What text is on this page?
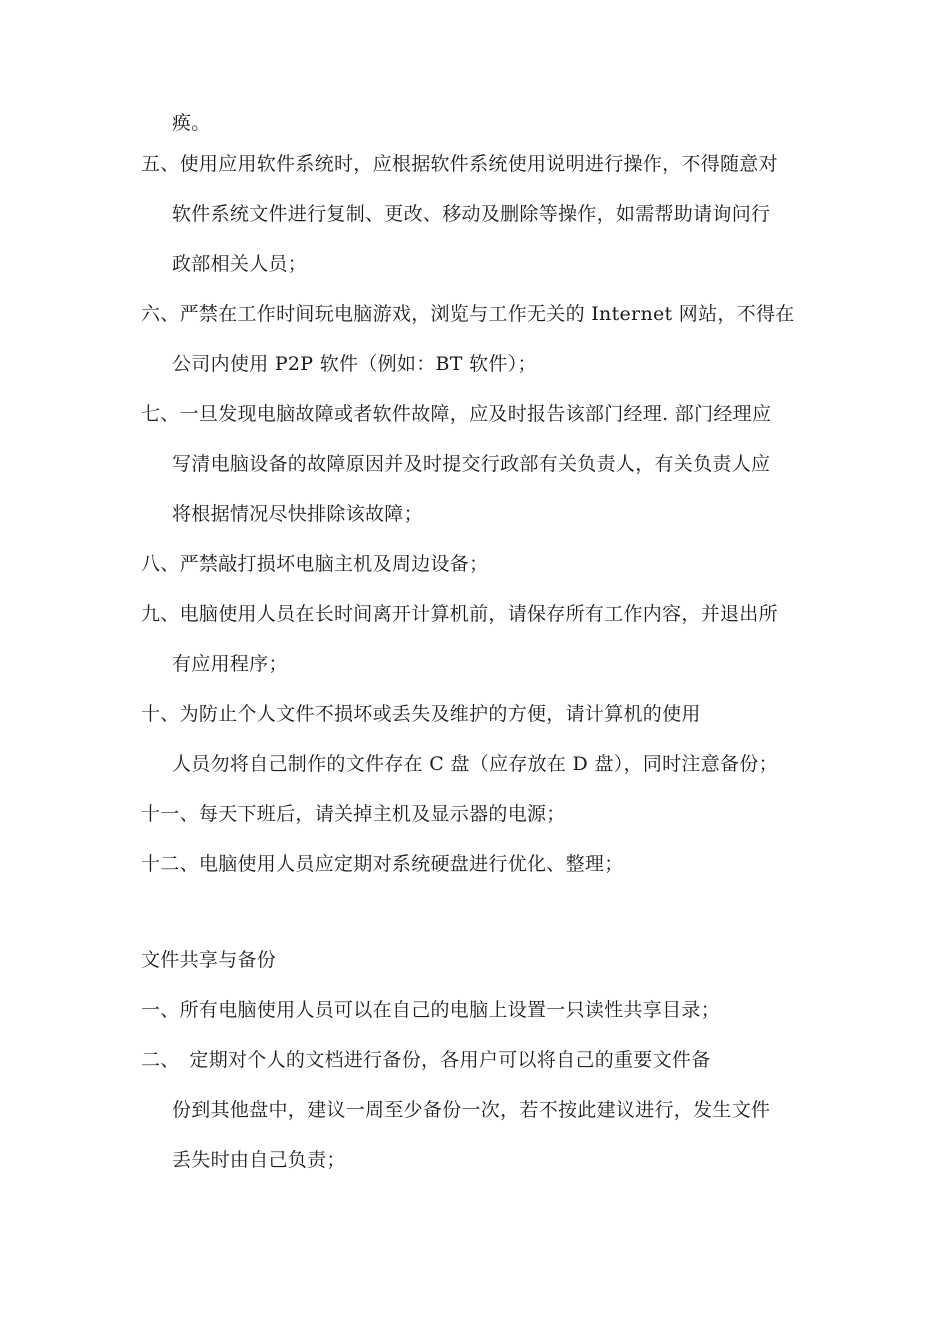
痪。
五、使用应用软件系统时，应根据软件系统使用说明进行操作，不得随意对
软件系统文件进行复制、更改、移动及删除等操作，如需帮助请询问行
政部相关人员；
六、严禁在工作时间玩电脑游戏，浏览与工作无关的 Internet 网站，不得在
公司内使用 P2P 软件（例如：BT 软件）；
七、一旦发现电脑故障或者软件故障，应及时报告该部门经理. 部门经理应
写清电脑设备的故障原因并及时提交行政部有关负责人，有关负责人应
将根据情况尽快排除该故障；
八、严禁敲打损坏电脑主机及周边设备；
九、电脑使用人员在长时间离开计算机前，请保存所有工作内容，并退出所
有应用程序；
十、为防止个人文件不损坏或丢失及维护的方便，请计算机的使用
人员勿将自己制作的文件存在 C 盘（应存放在 D 盘），同时注意备份；
十一、每天下班后，请关掉主机及显示器的电源；
十二、电脑使用人员应定期对系统硬盘进行优化、整理；
文件共享与备份
一、所有电脑使用人员可以在自己的电脑上设置一只读性共享目录；
二、　定期对个人的文档进行备份，各用户可以将自己的重要文件备
份到其他盘中，建议一周至少备份一次，若不按此建议进行，发生文件
丢失时由自己负责；
